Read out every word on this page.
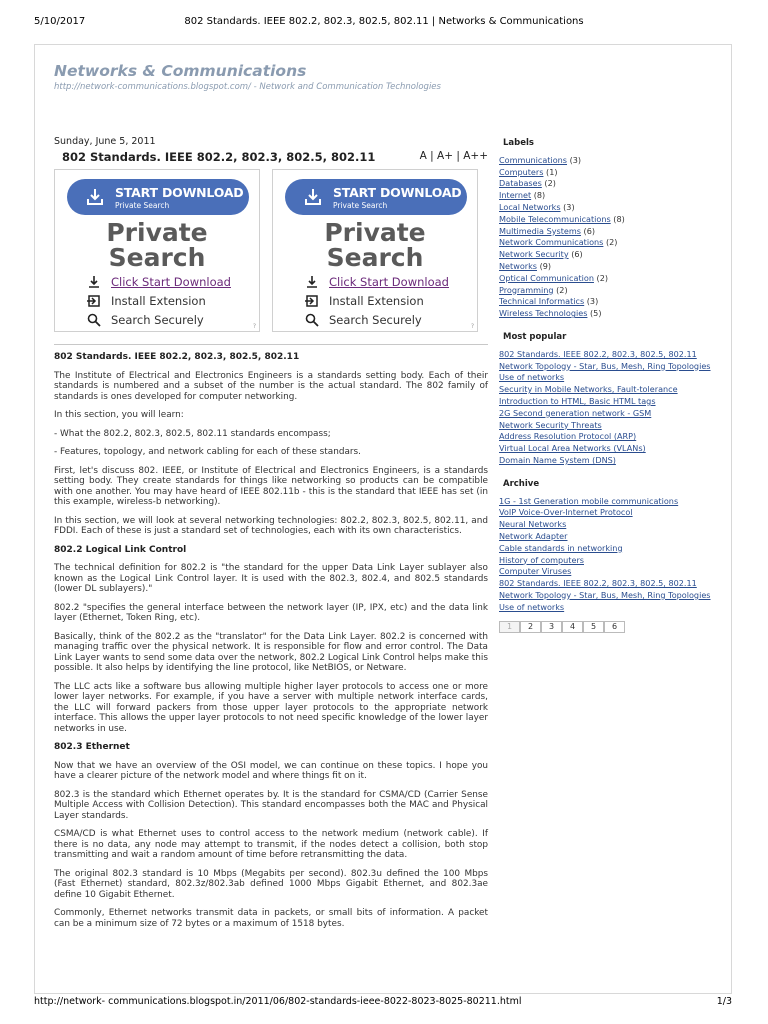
5/10/2017	802 Standards. IEEE 802.2, 802.3, 802.5, 802.11 | Networks & Communications
Networks & Communications
http://network-communications.blogspot.com/ - Network and Communication Technologies
Sunday, June 5, 2011
802 Standards. IEEE 802.2, 802.3, 802.5, 802.11	A | A+ | A++
START DOWNLOAD
Private Search
Private
Search
Click Start Download
Install Extension
Search Securely	?
START DOWNLOAD
Private Search
Private
Search
Click Start Download
Install Extension
Search Securely	?
802 Standards. IEEE 802.2, 802.3, 802.5, 802.11

The Institute of Electrical and Electronics Engineers is a standards setting body. Each of their standards is numbered and a subset of the number is the actual standard. The 802 family of standards is ones developed for computer networking.

In this section, you will learn:

- What the 802.2, 802.3, 802.5, 802.11 standards encompass;

- Features, topology, and network cabling for each of these standars.

First, let's discuss 802. IEEE, or Institute of Electrical and Electronics Engineers, is a standards setting body. They create standards for things like networking so products can be compatible with one another. You may have heard of IEEE 802.11b - this is the standard that IEEE has set (in this example, wireless-b networking).

In this section, we will look at several networking technologies: 802.2, 802.3, 802.5, 802.11, and FDDI. Each of these is just a standard set of technologies, each with its own characteristics.

802.2 Logical Link Control

The technical definition for 802.2 is "the standard for the upper Data Link Layer sublayer also known as the Logical Link Control layer. It is used with the 802.3, 802.4, and 802.5 standards (lower DL sublayers)."

802.2 "specifies the general interface between the network layer (IP, IPX, etc) and the data link layer (Ethernet, Token Ring, etc).

Basically, think of the 802.2 as the "translator" for the Data Link Layer. 802.2 is concerned with managing traffic over the physical network. It is responsible for flow and error control. The Data Link Layer wants to send some data over the network, 802.2 Logical Link Control helps make this possible. It also helps by identifying the line protocol, like NetBIOS, or Netware.

The LLC acts like a software bus allowing multiple higher layer protocols to access one or more lower layer networks. For example, if you have a server with multiple network interface cards, the LLC will forward packers from those upper layer protocols to the appropriate network interface. This allows the upper layer protocols to not need specific knowledge of the lower layer networks in use.

802.3 Ethernet

Now that we have an overview of the OSI model, we can continue on these topics. I hope you have a clearer picture of the network model and where things fit on it.

802.3 is the standard which Ethernet operates by. It is the standard for CSMA/CD (Carrier Sense Multiple Access with Collision Detection). This standard encompasses both the MAC and Physical Layer standards.

CSMA/CD is what Ethernet uses to control access to the network medium (network cable). If there is no data, any node may attempt to transmit, if the nodes detect a collision, both stop transmitting and wait a random amount of time before retransmitting the data.

The original 802.3 standard is 10 Mbps (Megabits per second). 802.3u defined the 100 Mbps (Fast Ethernet) standard, 802.3z/802.3ab defined 1000 Mbps Gigabit Ethernet, and 802.3ae define 10 Gigabit Ethernet.

Commonly, Ethernet networks transmit data in packets, or small bits of information. A packet can be a minimum size of 72 bytes or a maximum of 1518 bytes.

Labels
Communications (3)
Computers (1)
Databases (2)
Internet (8)
Local Networks (3)
Mobile Telecommunications (8)
Multimedia Systems (6)
Network Communications (2)
Network Security (6)
Networks (9)
Optical Communication (2)
Programming (2)
Technical Informatics (3)
Wireless Technologies (5)
Most popular
802 Standards. IEEE 802.2, 802.3, 802.5, 802.11
Network Topology - Star, Bus, Mesh, Ring Topologies
Use of networks
Security in Mobile Networks, Fault-tolerance
Introduction to HTML, Basic HTML tags
2G Second generation network - GSM
Network Security Threats
Address Resolution Protocol (ARP)
Virtual Local Area Networks (VLANs)
Domain Name System (DNS)
Archive
1G - 1st Generation mobile communications
VoIP Voice-Over-Internet Protocol
Neural Networks
Network Adapter
Cable standards in networking
History of computers
Computer Viruses
802 Standards. IEEE 802.2, 802.3, 802.5, 802.11
Network Topology - Star, Bus, Mesh, Ring Topologies
Use of networks
1	2	3	4	5	6
http://network- communications.blogspot.in/2011/06/802-standards-ieee-8022-8023-8025-80211.html	1/3
